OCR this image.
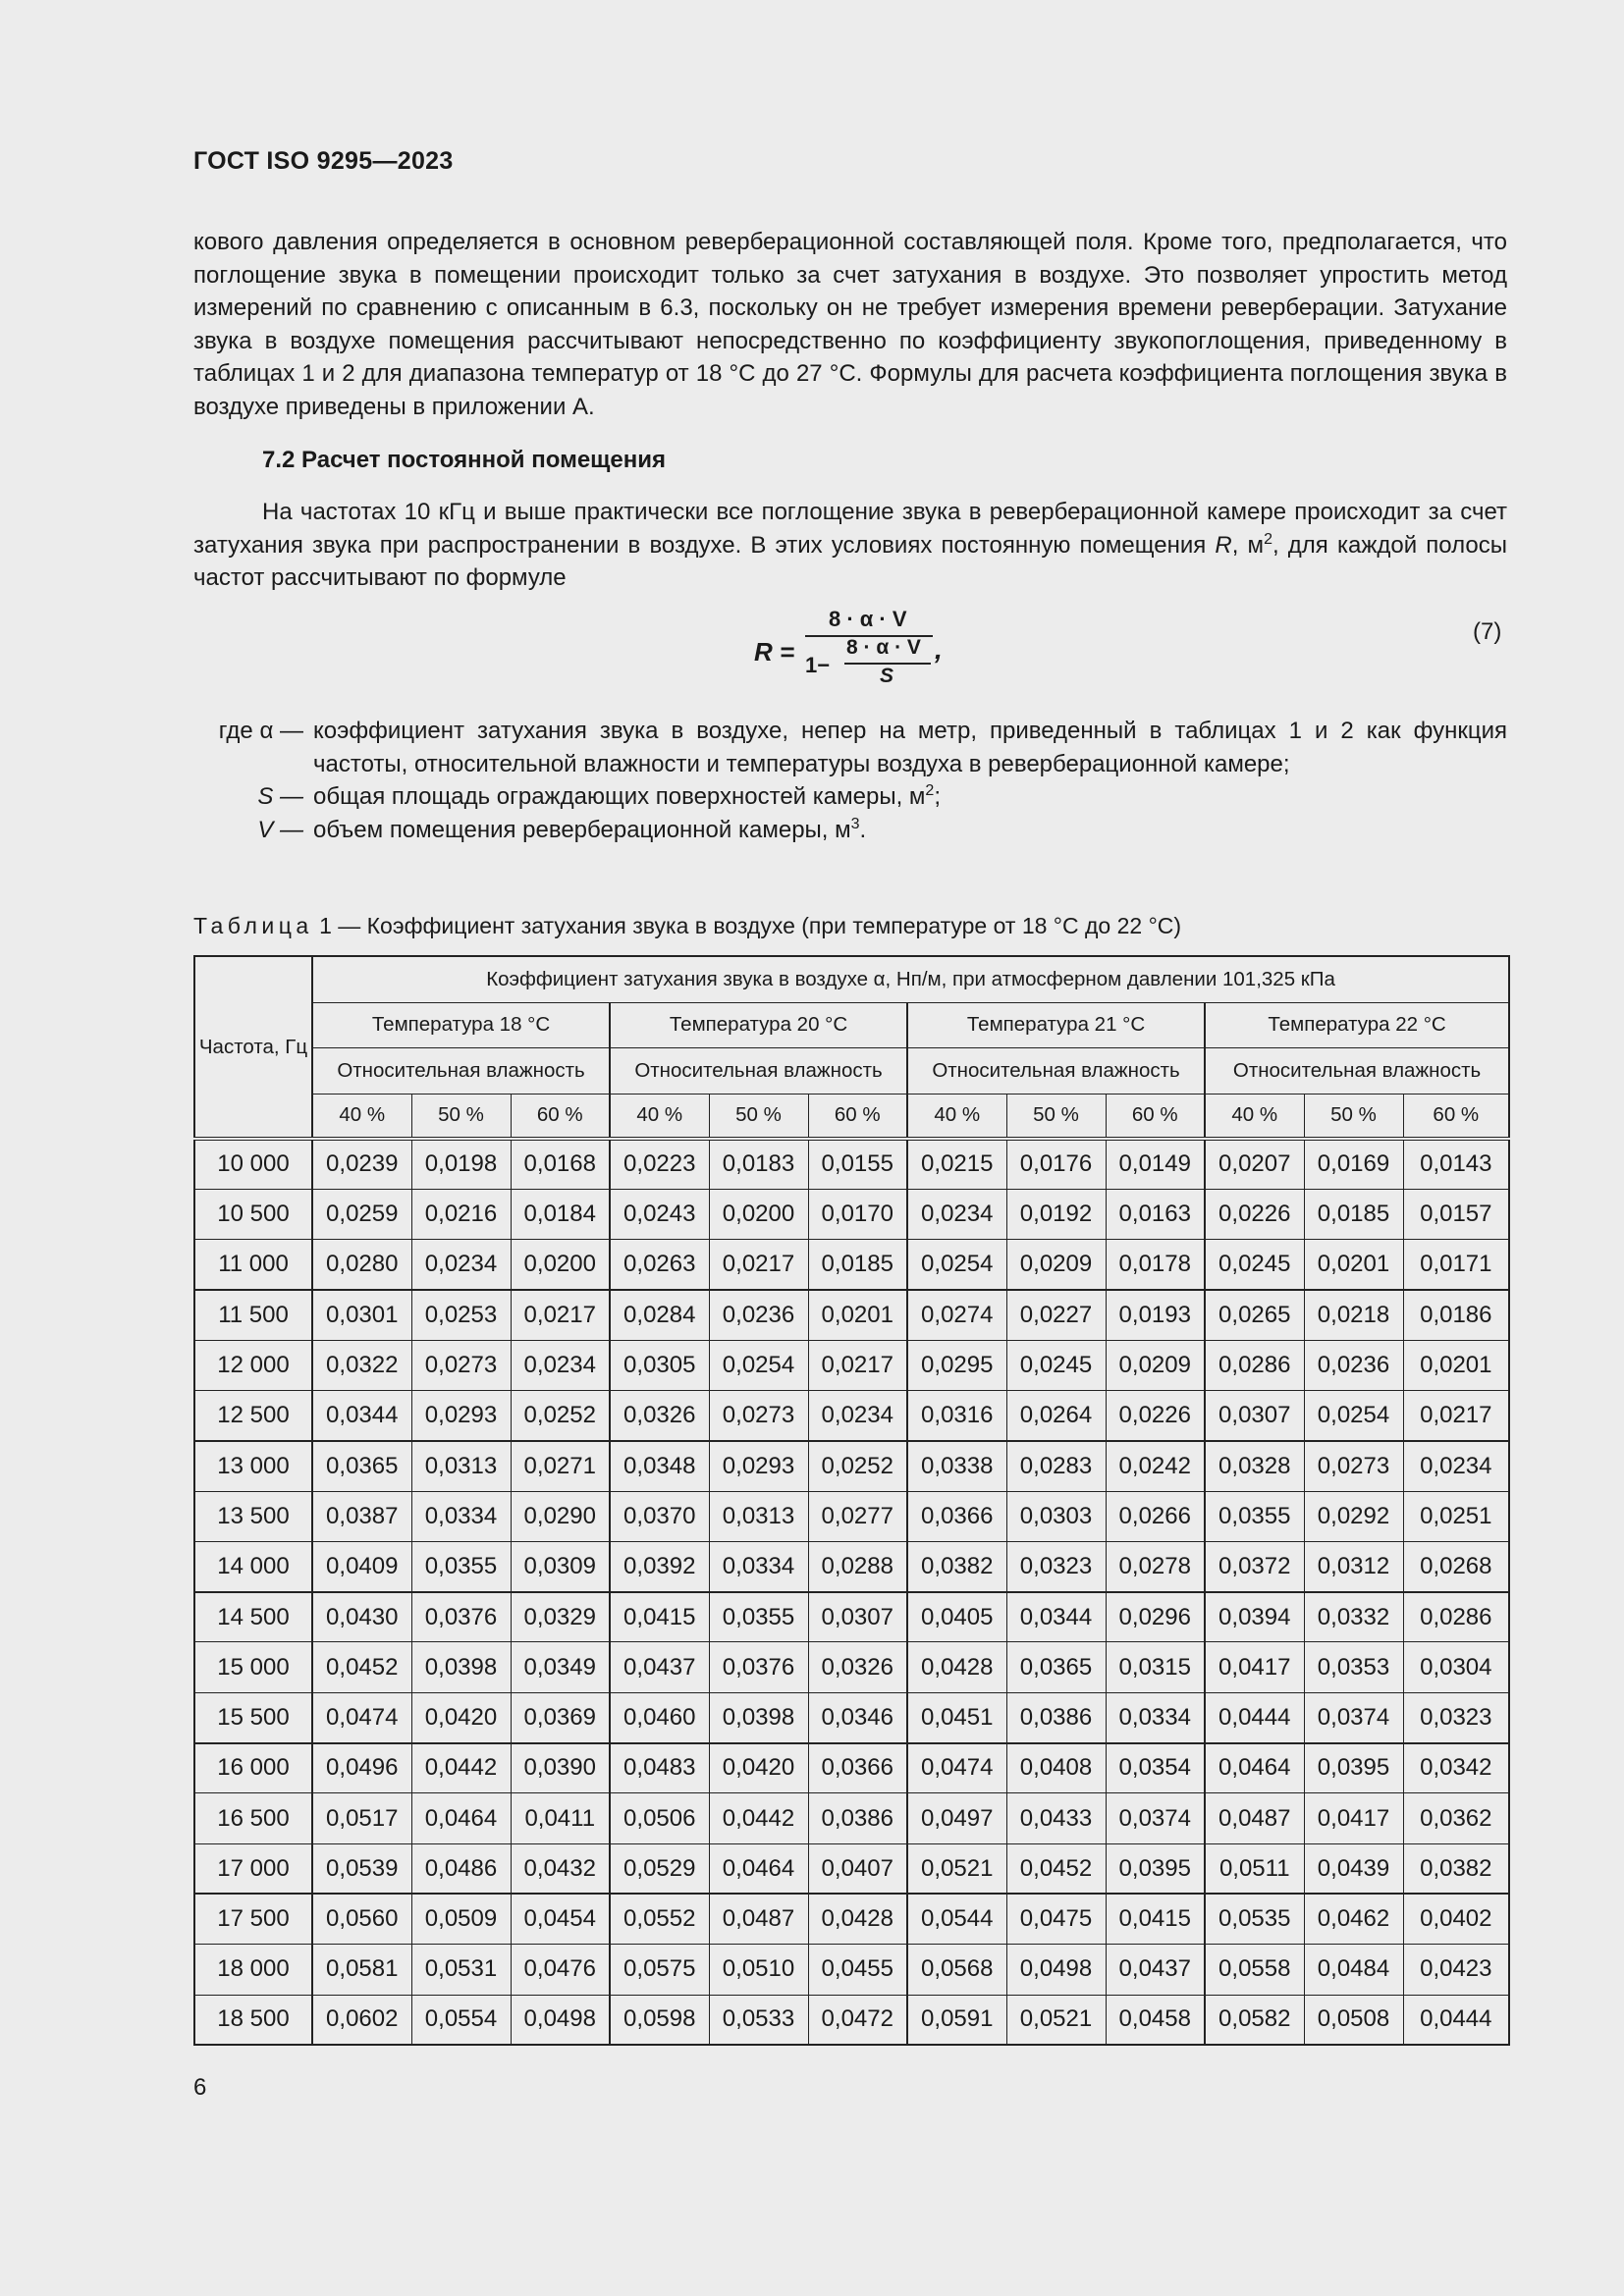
ГОСТ ISO 9295—2023

кового давления определяется в основном реверберационной составляющей поля. Кроме того, предполагается, что поглощение звука в помещении происходит только за счет затухания в воздухе. Это позволяет упростить метод измерений по сравнению с описанным в 6.3, поскольку он не требует измерения времени реверберации. Затухание звука в воздухе помещения рассчитывают непосредственно по коэффициенту звукопоглощения, приведенному в таблицах 1 и 2 для диапазона температур от 18 °С до 27 °С. Формулы для расчета коэффициента поглощения звука в воздухе приведены в приложении А.

7.2 Расчет постоянной помещения

На частотах 10 кГц и выше практически все поглощение звука в реверберационной камере происходит за счет затухания звука при распространении в воздухе. В этих условиях постоянную помещения R, $м^2$, для каждой полосы частот рассчитывают по формуле

R =
8 · α · V
1−
8 · α · V
S
,
(7)
где α — коэффициент затухания звука в воздухе, непер на метр, приведенный в таблицах 1 и 2 как функция частоты, относительной влажности и температуры воздуха в реверберационной камере;
S — общая площадь ограждающих поверхностей камеры, $м^2$;
V — объем помещения реверберационной камеры, $м^3$.
Таблица 1 — Коэффициент затухания звука в воздухе (при температуре от 18 °С до 22 °С)
Частота, Гц	Коэффициент затухания звука в воздухе α, Нп/м, при атмосферном давлении 101,325 кПа											
	Температура 18 °С			Температура 20 °С			Температура 21 °С			Температура 22 °С		
	Относительная влажность			Относительная влажность			Относительная влажность			Относительная влажность		
	40 %	50 %	60 %	40 %	50 %	60 %	40 %	50 %	60 %	40 %	50 %	60 %
10 000	0,0239	0,0198	0,0168	0,0223	0,0183	0,0155	0,0215	0,0176	0,0149	0,0207	0,0169	0,0143
10 500	0,0259	0,0216	0,0184	0,0243	0,0200	0,0170	0,0234	0,0192	0,0163	0,0226	0,0185	0,0157
11 000	0,0280	0,0234	0,0200	0,0263	0,0217	0,0185	0,0254	0,0209	0,0178	0,0245	0,0201	0,0171
11 500	0,0301	0,0253	0,0217	0,0284	0,0236	0,0201	0,0274	0,0227	0,0193	0,0265	0,0218	0,0186
12 000	0,0322	0,0273	0,0234	0,0305	0,0254	0,0217	0,0295	0,0245	0,0209	0,0286	0,0236	0,0201
12 500	0,0344	0,0293	0,0252	0,0326	0,0273	0,0234	0,0316	0,0264	0,0226	0,0307	0,0254	0,0217
13 000	0,0365	0,0313	0,0271	0,0348	0,0293	0,0252	0,0338	0,0283	0,0242	0,0328	0,0273	0,0234
13 500	0,0387	0,0334	0,0290	0,0370	0,0313	0,0277	0,0366	0,0303	0,0266	0,0355	0,0292	0,0251
14 000	0,0409	0,0355	0,0309	0,0392	0,0334	0,0288	0,0382	0,0323	0,0278	0,0372	0,0312	0,0268
14 500	0,0430	0,0376	0,0329	0,0415	0,0355	0,0307	0,0405	0,0344	0,0296	0,0394	0,0332	0,0286
15 000	0,0452	0,0398	0,0349	0,0437	0,0376	0,0326	0,0428	0,0365	0,0315	0,0417	0,0353	0,0304
15 500	0,0474	0,0420	0,0369	0,0460	0,0398	0,0346	0,0451	0,0386	0,0334	0,0444	0,0374	0,0323
16 000	0,0496	0,0442	0,0390	0,0483	0,0420	0,0366	0,0474	0,0408	0,0354	0,0464	0,0395	0,0342
16 500	0,0517	0,0464	0,0411	0,0506	0,0442	0,0386	0,0497	0,0433	0,0374	0,0487	0,0417	0,0362
17 000	0,0539	0,0486	0,0432	0,0529	0,0464	0,0407	0,0521	0,0452	0,0395	0,0511	0,0439	0,0382
17 500	0,0560	0,0509	0,0454	0,0552	0,0487	0,0428	0,0544	0,0475	0,0415	0,0535	0,0462	0,0402
18 000	0,0581	0,0531	0,0476	0,0575	0,0510	0,0455	0,0568	0,0498	0,0437	0,0558	0,0484	0,0423
18 500	0,0602	0,0554	0,0498	0,0598	0,0533	0,0472	0,0591	0,0521	0,0458	0,0582	0,0508	0,0444
6
